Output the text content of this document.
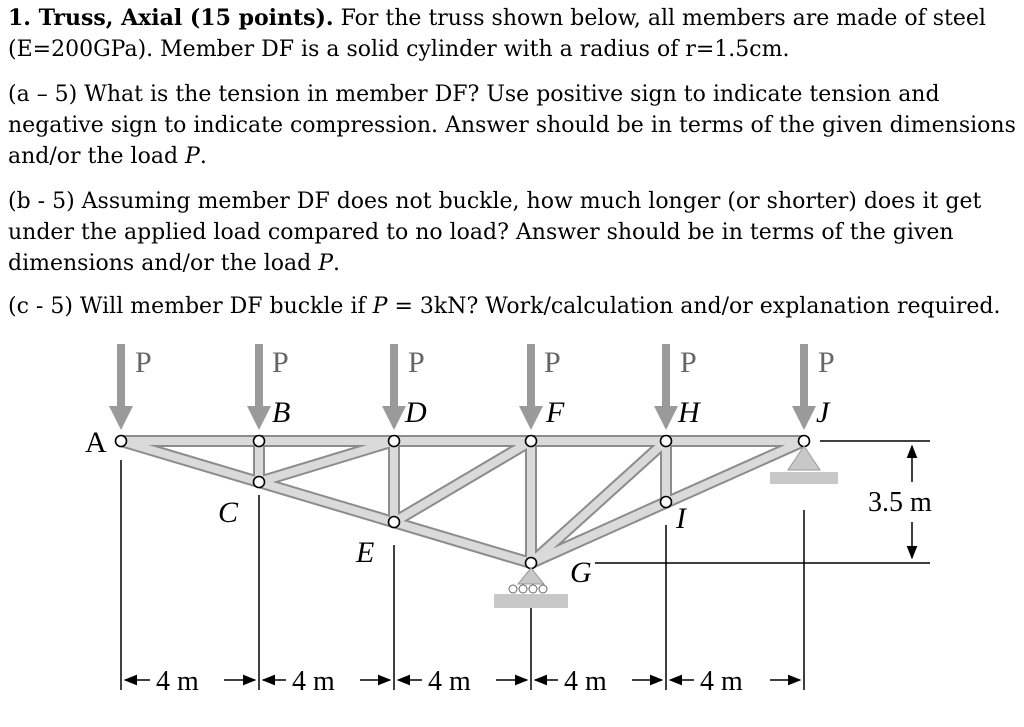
1. Truss, Axial (15 points). For the truss shown below, all members are made of steel (E=200GPa). Member DF is a solid cylinder with a radius of r=1.5cm.
(a – 5) What is the tension in member DF? Use positive sign to indicate tension and negative sign to indicate compression. Answer should be in terms of the given dimensions and/or the load P.
(b - 5) Assuming member DF does not buckle, how much longer (or shorter) does it get under the applied load compared to no load? Answer should be in terms of the given dimensions and/or the load P.
(c - 5) Will member DF buckle if P = 3kN? Work/calculation and/or explanation required.
P	P	P	P	P	P
A
B	D	F	H	J
C
E
G
I
4 m	4 m	4 m	4 m	4 m
3.5 m
